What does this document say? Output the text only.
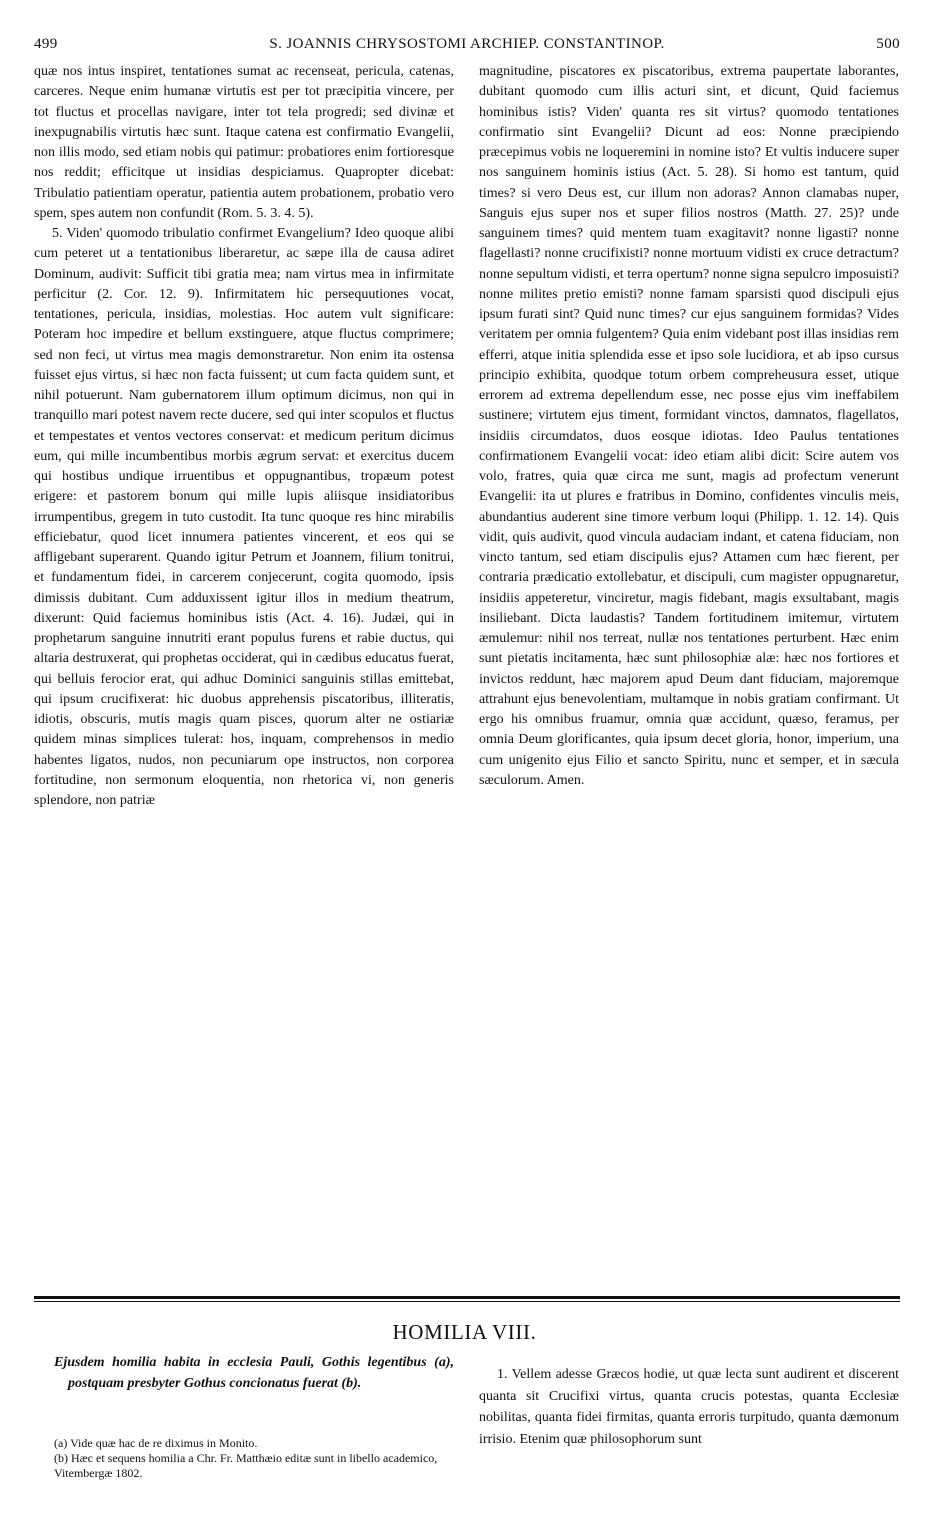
499	S. JOANNIS CHRYSOSTOMI ARCHIEP. CONSTANTINOP.	500

quæ nos intus inspiret, tentationes sumat ac recenseat, pericula, catenas, carceres. Neque enim humanæ virtutis est per tot præcipitia vincere, per tot fluctus et procellas navigare, inter tot tela progredi; sed divinæ et inexpugnabilis virtutis hæc sunt. Itaque catena est confirmatio Evangelii, non illis modo, sed etiam nobis qui patimur: probatiores enim fortioresque nos reddit; efficitque ut insidias despiciamus. Quapropter dicebat: Tribulatio patientiam operatur, patientia autem probationem, probatio vero spem, spes autem non confundit (Rom. 5. 3. 4. 5).

5. Viden' quomodo tribulatio confirmet Evangelium? Ideo quoque alibi cum peteret ut a tentationibus liberaretur, ac sæpe illa de causa adiret Dominum, audivit: Sufficit tibi gratia mea; nam virtus mea in infirmitate perficitur (2. Cor. 12. 9). Infirmitatem hic persequutiones vocat, tentationes, pericula, insidias, molestias. Hoc autem vult significare: Poteram hoc impedire et bellum exstinguere, atque fluctus comprimere; sed non feci, ut virtus mea magis demonstraretur. Non enim ita ostensa fuisset ejus virtus, si hæc non facta fuissent; ut cum facta quidem sunt, et nihil potuerunt. Nam gubernatorem illum optimum dicimus, non qui in tranquillo mari potest navem recte ducere, sed qui inter scopulos et fluctus et tempestates et ventos vectores conservat: et medicum peritum dicimus eum, qui mille incumbentibus morbis ægrum servat: et exercitus ducem qui hostibus undique irruentibus et oppugnantibus, tropæum potest erigere: et pastorem bonum qui mille lupis aliisque insidiatoribus irrumpentibus, gregem in tuto custodit. Ita tunc quoque res hinc mirabilis efficiebatur, quod licet innumera patientes vincerent, et eos qui se affligebant superarent. Quando igitur Petrum et Joannem, filium tonitrui, et fundamentum fidei, in carcerem conjecerunt, cogita quomodo, ipsis dimissis dubitant. Cum adduxissent igitur illos in medium theatrum, dixerunt: Quid faciemus hominibus istis (Act. 4. 16). Judæi, qui in prophetarum sanguine innutriti erant populus furens et rabie ductus, qui altaria destruxerat, qui prophetas occiderat, qui in cædibus educatus fuerat, qui belluis ferocior erat, qui adhuc Dominici sanguinis stillas emittebat, qui ipsum crucifixerat: hic duobus apprehensis piscatoribus, illiteratis, idiotis, obscuris, mutis magis quam pisces, quorum alter ne ostiariæ quidem minas simplices tulerat: hos, inquam, comprehensos in medio habentes ligatos, nudos, non pecuniarum ope instructos, non corporea fortitudine, non sermonum eloquentia, non rhetorica vi, non generis splendore, non patriæ

magnitudine, piscatores ex piscatoribus, extrema paupertate laborantes, dubitant quomodo cum illis acturi sint, et dicunt, Quid faciemus hominibus istis? Viden' quanta res sit virtus? quomodo tentationes confirmatio sint Evangelii? Dicunt ad eos: Nonne præcipiendo præcepimus vobis ne loqueremini in nomine isto? Et vultis inducere super nos sanguinem hominis istius (Act. 5. 28). Si homo est tantum, quid times? si vero Deus est, cur illum non adoras? Annon clamabas nuper, Sanguis ejus super nos et super filios nostros (Matth. 27. 25)? unde sanguinem times? quid mentem tuam exagitavit? nonne ligasti? nonne flagellasti? nonne crucifixisti? nonne mortuum vidisti ex cruce detractum? nonne sepultum vidisti, et terra opertum? nonne signa sepulcro imposuisti? nonne milites pretio emisti? nonne famam sparsisti quod discipuli ejus ipsum furati sint? Quid nunc times? cur ejus sanguinem formidas? Vides veritatem per omnia fulgentem? Quia enim videbant post illas insidias rem efferri, atque initia splendida esse et ipso sole lucidiora, et ab ipso cursus principio exhibita, quodque totum orbem compreheusura esset, utique errorem ad extrema depellendum esse, nec posse ejus vim ineffabilem sustinere; virtutem ejus timent, formidant vinctos, damnatos, flagellatos, insidiis circumdatos, duos eosque idiotas. Ideo Paulus tentationes confirmationem Evangelii vocat: ideo etiam alibi dicit: Scire autem vos volo, fratres, quia quæ circa me sunt, magis ad profectum venerunt Evangelii: ita ut plures e fratribus in Domino, confidentes vinculis meis, abundantius auderent sine timore verbum loqui (Philipp. 1. 12. 14). Quis vidit, quis audivit, quod vincula audaciam indant, et catena fiduciam, non vincto tantum, sed etiam discipulis ejus? Attamen cum hæc fierent, per contraria prædicatio extollebatur, et discipuli, cum magister oppugnaretur, insidiis appeteretur, vinciretur, magis fidebant, magis exsultabant, magis insiliebant. Dicta laudastis? Tandem fortitudinem imitemur, virtutem æmulemur: nihil nos terreat, nullæ nos tentationes perturbent. Hæc enim sunt pietatis incitamenta, hæc sunt philosophiæ alæ: hæc nos fortiores et invictos reddunt, hæc majorem apud Deum dant fiduciam, majoremque attrahunt ejus benevolentiam, multamque in nobis gratiam confirmant. Ut ergo his omnibus fruamur, omnia quæ accidunt, quæso, feramus, per omnia Deum glorificantes, quia ipsum decet gloria, honor, imperium, una cum unigenito ejus Filio et sancto Spiritu, nunc et semper, et in sæcula sæculorum. Amen.

HOMILIA VIII.
Ejusdem homilia habita in ecclesia Pauli, Gothis legentibus (a), postquam presbyter Gothus concionatus fuerat (b).
(a) Vide quæ hac de re diximus in Monito.
(b) Hæc et sequens homilia a Chr. Fr. Matthæio editæ sunt in libello academico, Vitembergæ 1802.

1. Vellem adesse Græcos hodie, ut quæ lecta sunt audirent et discerent quanta sit Crucifixi virtus, quanta crucis potestas, quanta Ecclesiæ nobilitas, quanta fidei firmitas, quanta erroris turpitudo, quanta dæmonum irrisio. Etenim quæ philosophorum sunt
